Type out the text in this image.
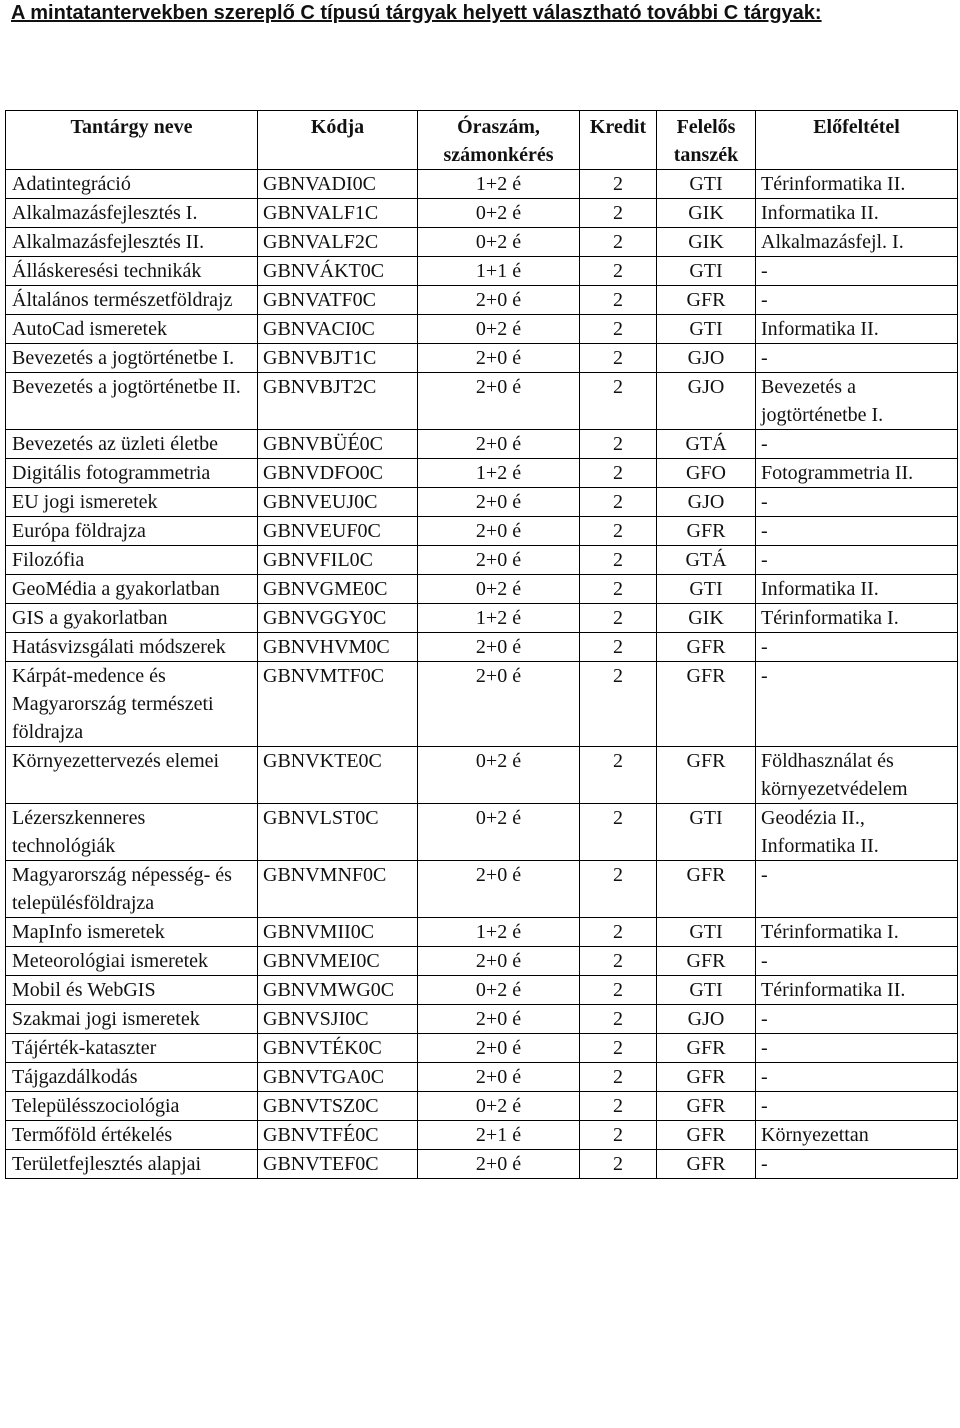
A mintatantervekben szereplő C típusú tárgyak helyett választható további C tárgyak:
Tantárgy neve	Kódja	Óraszám, számonkérés	Kredit	Felelős tanszék	Előfeltétel
Adatintegráció	GBNVADI0C	1+2 é	2	GTI	Térinformatika II.
Alkalmazásfejlesztés I.	GBNVALF1C	0+2 é	2	GIK	Informatika II.
Alkalmazásfejlesztés II.	GBNVALF2C	0+2 é	2	GIK	Alkalmazásfejl. I.
Álláskeresési technikák	GBNVÁKT0C	1+1 é	2	GTI	-
Általános természetföldrajz	GBNVATF0C	2+0 é	2	GFR	-
AutoCad ismeretek	GBNVACI0C	0+2 é	2	GTI	Informatika II.
Bevezetés a jogtörténetbe I.	GBNVBJT1C	2+0 é	2	GJO	-
Bevezetés a jogtörténetbe II.	GBNVBJT2C	2+0 é	2	GJO	Bevezetés a jogtörténetbe I.
Bevezetés az üzleti életbe	GBNVBÜÉ0C	2+0 é	2	GTÁ	-
Digitális fotogrammetria	GBNVDFO0C	1+2 é	2	GFO	Fotogrammetria II.
EU jogi ismeretek	GBNVEUJ0C	2+0 é	2	GJO	-
Európa földrajza	GBNVEUF0C	2+0 é	2	GFR	-
Filozófia	GBNVFIL0C	2+0 é	2	GTÁ	-
GeoMédia a gyakorlatban	GBNVGME0C	0+2 é	2	GTI	Informatika II.
GIS a gyakorlatban	GBNVGGY0C	1+2 é	2	GIK	Térinformatika I.
Hatásvizsgálati módszerek	GBNVHVM0C	2+0 é	2	GFR	-
Kárpát-medence és Magyarország természeti földrajza	GBNVMTF0C	2+0 é	2	GFR	-
Környezettervezés elemei	GBNVKTE0C	0+2 é	2	GFR	Földhasználat és környezetvédelem
Lézerszkenneres technológiák	GBNVLST0C	0+2 é	2	GTI	Geodézia II., Informatika II.
Magyarország népesség- és településföldrajza	GBNVMNF0C	2+0 é	2	GFR	-
MapInfo ismeretek	GBNVMII0C	1+2 é	2	GTI	Térinformatika I.
Meteorológiai ismeretek	GBNVMEI0C	2+0 é	2	GFR	-
Mobil és WebGIS	GBNVMWG0C	0+2 é	2	GTI	Térinformatika II.
Szakmai jogi ismeretek	GBNVSJI0C	2+0 é	2	GJO	-
Tájérték-kataszter	GBNVTÉK0C	2+0 é	2	GFR	-
Tájgazdálkodás	GBNVTGA0C	2+0 é	2	GFR	-
Településszociológia	GBNVTSZ0C	0+2 é	2	GFR	-
Termőföld értékelés	GBNVTFÉ0C	2+1 é	2	GFR	Környezettan
Területfejlesztés alapjai	GBNVTEF0C	2+0 é	2	GFR	-
